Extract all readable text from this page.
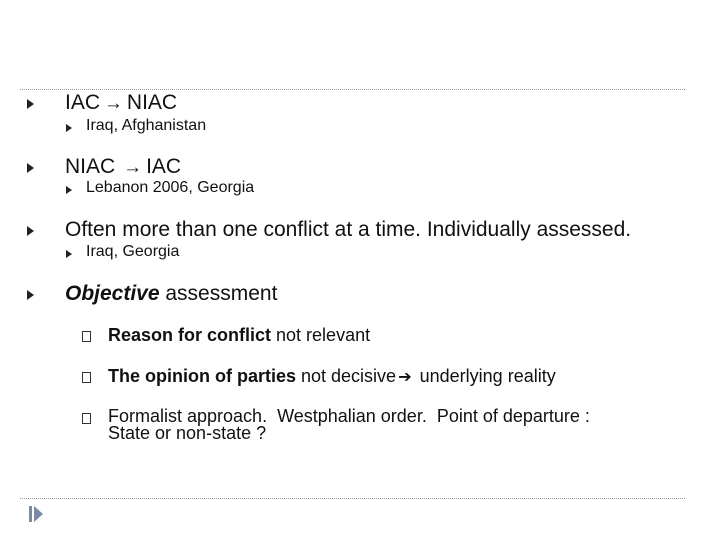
IAC → NIAC
Iraq, Afghanistan
NIAC → IAC
Lebanon 2006, Georgia
Often more than one conflict at a time. Individually assessed.
Iraq, Georgia
Objective assessment
Reason for conflict not relevant
The opinion of parties not decisive ➔ underlying reality
Formalist approach.  Westphalian order.  Point of departure :
State or non-state ?
